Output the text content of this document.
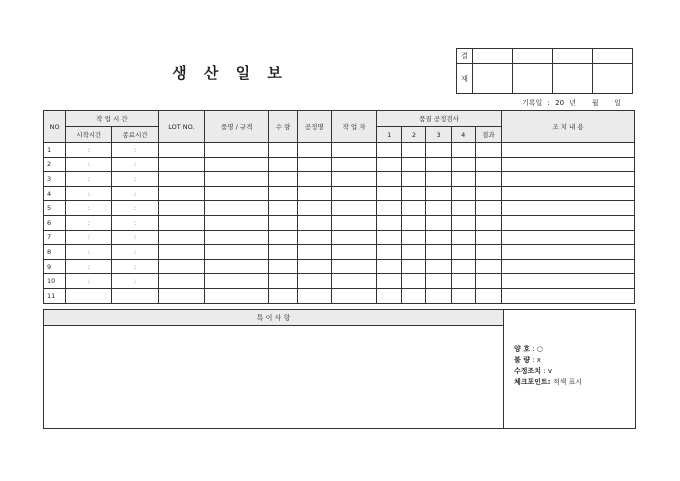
생 산 일 보
결				
재				
기록일 : 20 년 월 일
NO	작 업 시 간		LOT NO.	품명 / 규격	수 량	공정명	작 업 자	품질 공정검사					조 치 내 용
	시작시간	종료시간						1	2	3	4	결과	
1	:	:											
2	:	:											
3	:	:											
4	:	:											
5	:	:											
6	:	:											
7	:	:											
8	:	:											
9	:	:											
10	:	:											
11													
특 이 사 항	
양 호 : ○
불 량 : x
수정조치 : v
체크포인트: 적색 표시
